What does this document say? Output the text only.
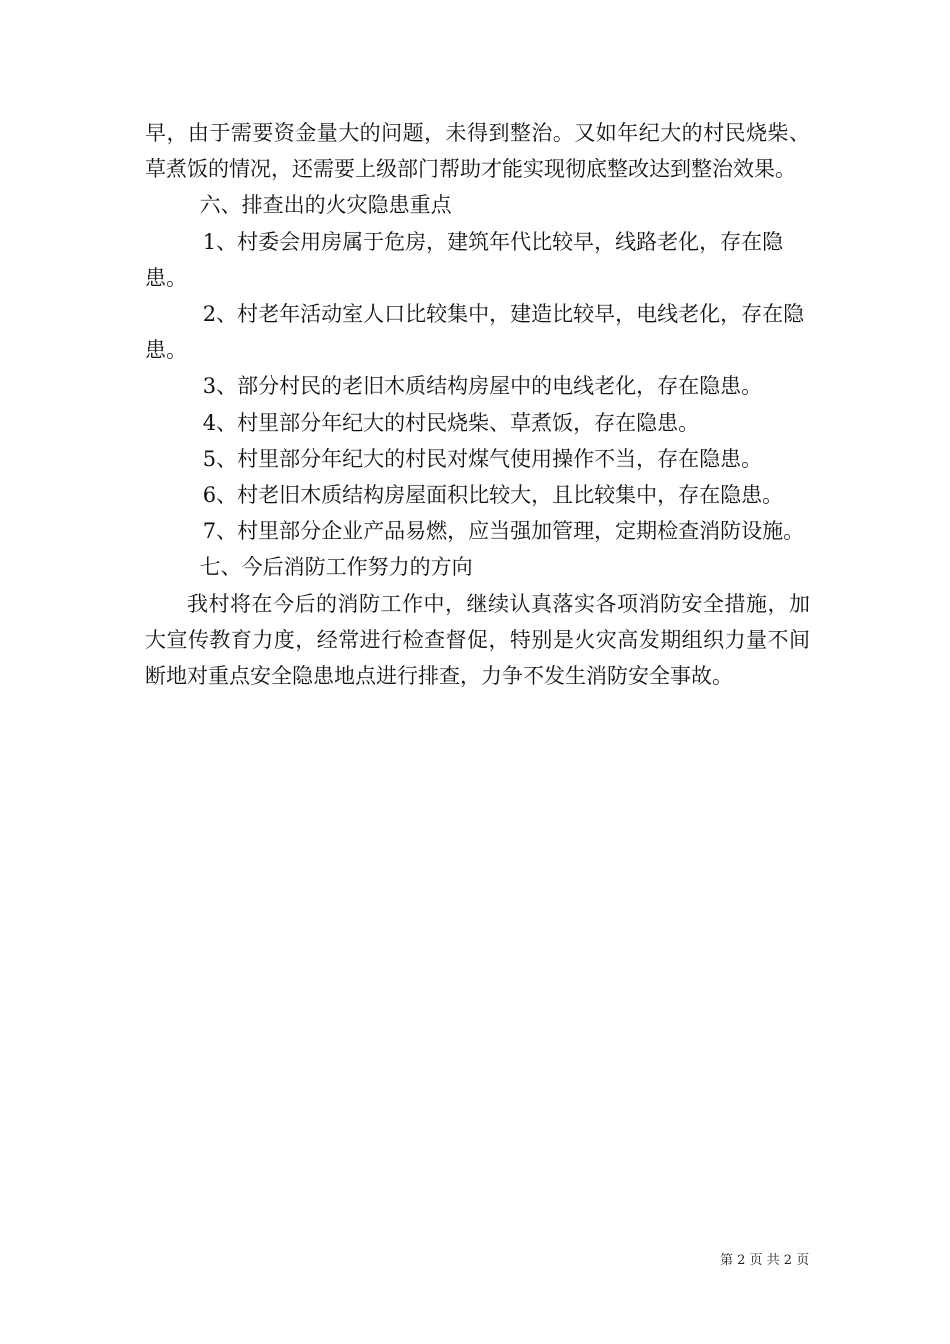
早，由于需要资金量大的问题，未得到整治。又如年纪大的村民烧柴、草煮饭的情况，还需要上级部门帮助才能实现彻底整改达到整治效果。

六、排查出的火灾隐患重点

1、村委会用房属于危房，建筑年代比较早，线路老化，存在隐患。

2、村老年活动室人口比较集中，建造比较早，电线老化，存在隐患。

3、部分村民的老旧木质结构房屋中的电线老化，存在隐患。

4、村里部分年纪大的村民烧柴、草煮饭，存在隐患。

5、村里部分年纪大的村民对煤气使用操作不当，存在隐患。

6、村老旧木质结构房屋面积比较大，且比较集中，存在隐患。

7、村里部分企业产品易燃，应当强加管理，定期检查消防设施。

七、今后消防工作努力的方向

我村将在今后的消防工作中，继续认真落实各项消防安全措施，加大宣传教育力度，经常进行检查督促，特别是火灾高发期组织力量不间断地对重点安全隐患地点进行排查，力争不发生消防安全事故。

第 2 页 共 2 页
